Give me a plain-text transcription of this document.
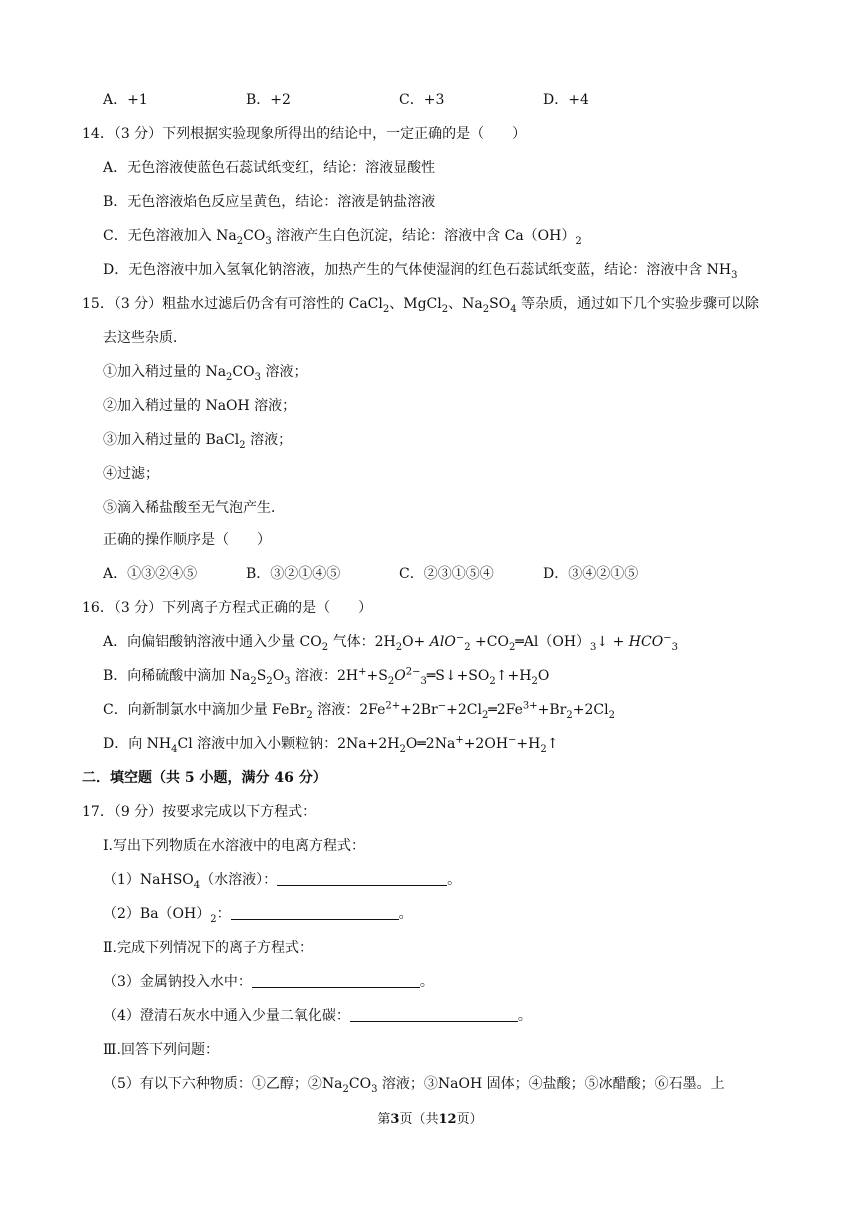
A．+1	B．+2	C．+3	D．+4
14．（3 分）下列根据实验现象所得出的结论中，一定正确的是（　　）
A．无色溶液使蓝色石蕊试纸变红，结论：溶液显酸性
B．无色溶液焰色反应呈黄色，结论：溶液是钠盐溶液
C．无色溶液加入 $Na_2CO_3$ 溶液产生白色沉淀，结论：溶液中含 $Ca(OH)_2$
D．无色溶液中加入氢氧化钠溶液，加热产生的气体使湿润的红色石蕊试纸变蓝，结论：溶液中含 $NH_3$
15．（3 分）粗盐水过滤后仍含有可溶性的 CaCl$_2$、MgCl$_2$、$Na_2SO_4$ 等杂质，通过如下几个实验步骤可以除
去这些杂质．
①加入稍过量的 $Na_2CO_3$ 溶液；
②加入稍过量的 NaOH 溶液；
③加入稍过量的 BaCl$_2$ 溶液；
④过滤；
⑤滴入稀盐酸至无气泡产生．
正确的操作顺序是（　　）
A．①③②④⑤	B．③②①④⑤	C．②③①⑤④	D．③④②①⑤
16．（3 分）下列离子方程式正确的是（　　）
A．向偏铝酸钠溶液中通入少量 $CO_2$ 气体：$2H_2O+ AlO^-_2$ $+CO_2═Al(OH)_3↓ + HCO^-_3$
B．向稀硫酸中滴加 $Na_2S_2O_3$ 溶液：$2H^++S_2O^{2-}_3═S↓+SO_2↑+H_2O$
C．向新制氯水中滴加少量 FeBr$_2$ 溶液：$2Fe^{2+}+2Br^-+2Cl_2═2Fe^{3+}+Br_2+2Cl_2$
D．向 $NH_4Cl$ 溶液中加入小颗粒钠：$2Na+2H_2O═2Na^++2OH^-+H_2↑$
二．填空题（共 5 小题，满分 46 分）
17．（9 分）按要求完成以下方程式：
Ⅰ.写出下列物质在水溶液中的电离方程式：
（1）NaHSO$_4$（水溶液）：	。
$(2)Ba(OH)_2$：	。
Ⅱ.完成下列情况下的离子方程式：
（3）金属钠投入水中：	。
（4）澄清石灰水中通入少量二氧化碳：	。
Ⅲ.回答下列问题：
（5）有以下六种物质：①乙醇；$②Na_2CO_3$ 溶液；③NaOH 固体；④盐酸；⑤冰醋酸；⑥石墨。上
第3页（共12页）
